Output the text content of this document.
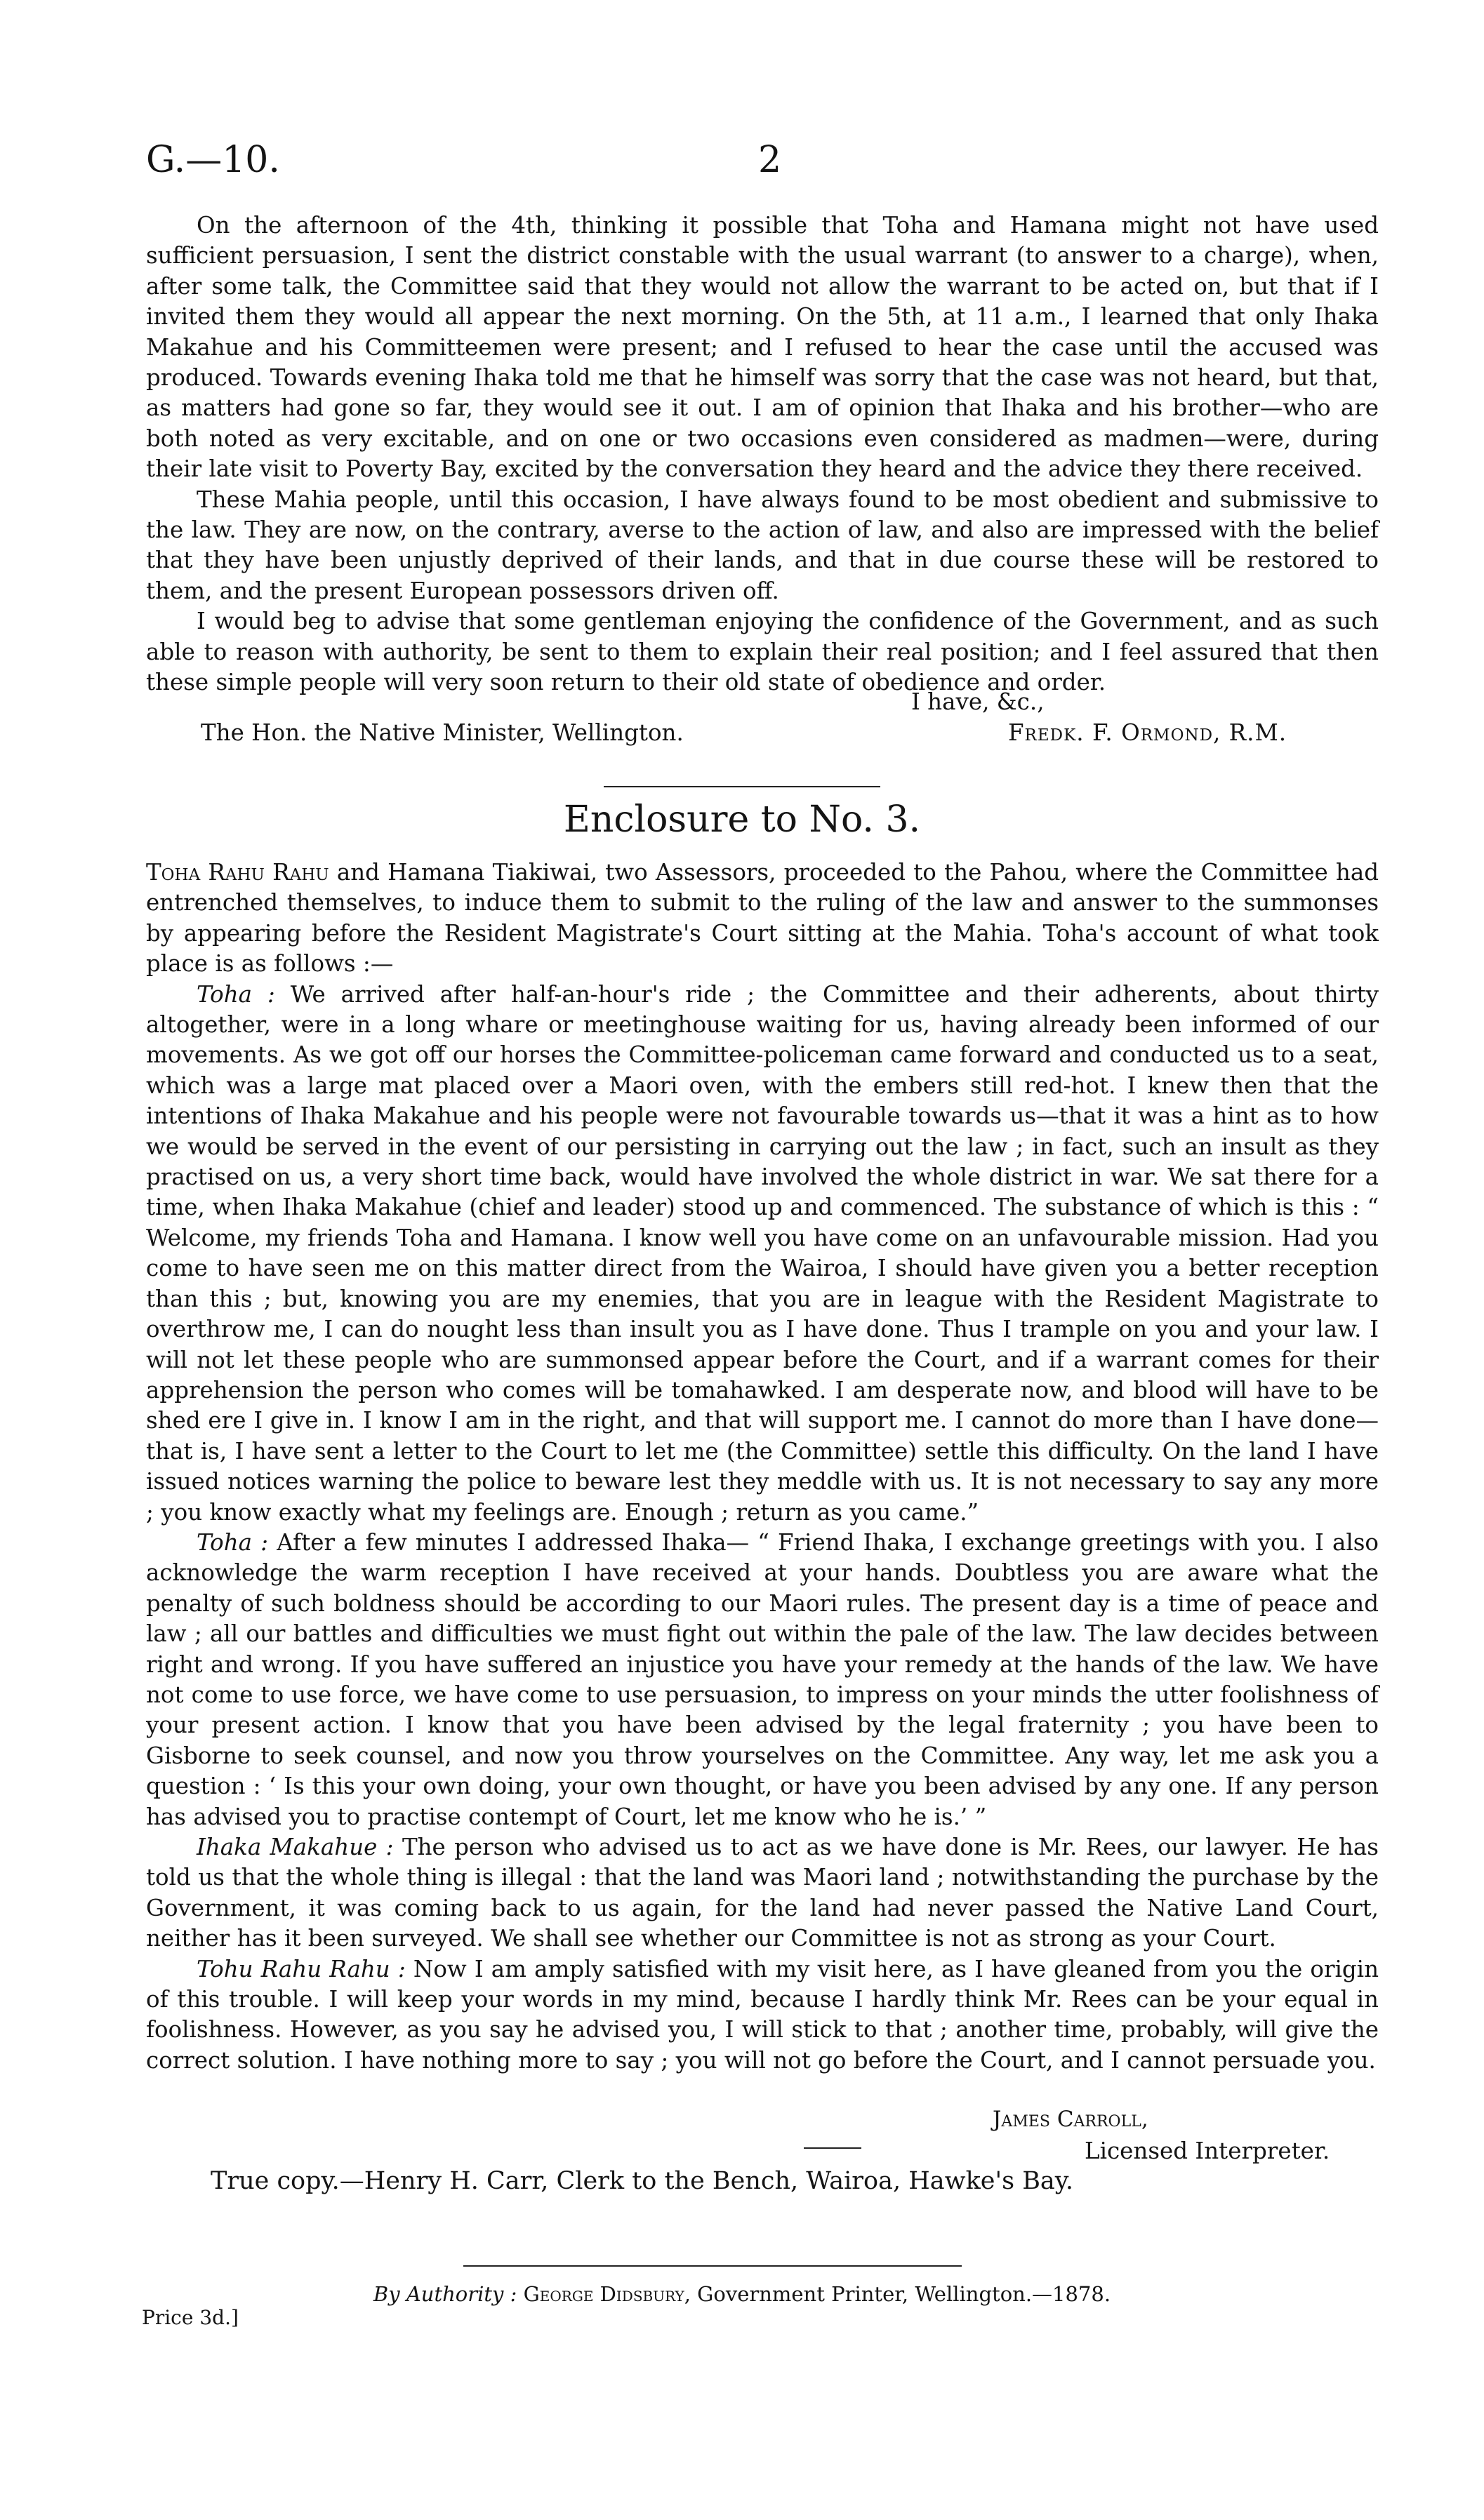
G.—10.	2

On the afternoon of the 4th, thinking it possible that Toha and Hamana might not have used sufficient persuasion, I sent the district constable with the usual warrant (to answer to a charge), when, after some talk, the Committee said that they would not allow the warrant to be acted on, but that if I invited them they would all appear the next morning. On the 5th, at 11 a.m., I learned that only Ihaka Makahue and his Committeemen were present; and I refused to hear the case until the accused was produced. Towards evening Ihaka told me that he himself was sorry that the case was not heard, but that, as matters had gone so far, they would see it out. I am of opinion that Ihaka and his brother—who are both noted as very excitable, and on one or two occasions even considered as madmen—were, during their late visit to Poverty Bay, excited by the conversation they heard and the advice they there received.

These Mahia people, until this occasion, I have always found to be most obedient and submissive to the law. They are now, on the contrary, averse to the action of law, and also are impressed with the belief that they have been unjustly deprived of their lands, and that in due course these will be restored to them, and the present European possessors driven off.

I would beg to advise that some gentleman enjoying the confidence of the Government, and as such able to reason with authority, be sent to them to explain their real position; and I feel assured that then these simple people will very soon return to their old state of obedience and order.

I have, &c.,
The Hon. the Native Minister, Wellington.	Fredk. F. Ormond, R.M.
Enclosure to No. 3.

Toha Rahu Rahu and Hamana Tiakiwai, two Assessors, proceeded to the Pahou, where the Committee had entrenched themselves, to induce them to submit to the ruling of the law and answer to the summonses by appearing before the Resident Magistrate's Court sitting at the Mahia. Toha's account of what took place is as follows :—

Toha : We arrived after half-an-hour's ride ; the Committee and their adherents, about thirty altogether, were in a long whare or meetinghouse waiting for us, having already been informed of our movements. As we got off our horses the Committee-policeman came forward and conducted us to a seat, which was a large mat placed over a Maori oven, with the embers still red-hot. I knew then that the intentions of Ihaka Makahue and his people were not favourable towards us—that it was a hint as to how we would be served in the event of our persisting in carrying out the law ; in fact, such an insult as they practised on us, a very short time back, would have involved the whole district in war. We sat there for a time, when Ihaka Makahue (chief and leader) stood up and commenced. The substance of which is this : “ Welcome, my friends Toha and Hamana. I know well you have come on an unfavourable mission. Had you come to have seen me on this matter direct from the Wairoa, I should have given you a better reception than this ; but, knowing you are my enemies, that you are in league with the Resident Magistrate to overthrow me, I can do nought less than insult you as I have done. Thus I trample on you and your law. I will not let these people who are summonsed appear before the Court, and if a warrant comes for their apprehension the person who comes will be tomahawked. I am desperate now, and blood will have to be shed ere I give in. I know I am in the right, and that will support me. I cannot do more than I have done—that is, I have sent a letter to the Court to let me (the Committee) settle this difficulty. On the land I have issued notices warning the police to beware lest they meddle with us. It is not necessary to say any more ; you know exactly what my feelings are. Enough ; return as you came.”

Toha : After a few minutes I addressed Ihaka— “ Friend Ihaka, I exchange greetings with you. I also acknowledge the warm reception I have received at your hands. Doubtless you are aware what the penalty of such boldness should be according to our Maori rules. The present day is a time of peace and law ; all our battles and difficulties we must fight out within the pale of the law. The law decides between right and wrong. If you have suffered an injustice you have your remedy at the hands of the law. We have not come to use force, we have come to use persuasion, to impress on your minds the utter foolishness of your present action. I know that you have been advised by the legal fraternity ; you have been to Gisborne to seek counsel, and now you throw yourselves on the Committee. Any way, let me ask you a question : ‘ Is this your own doing, your own thought, or have you been advised by any one. If any person has advised you to practise contempt of Court, let me know who he is.’ ”

Ihaka Makahue : The person who advised us to act as we have done is Mr. Rees, our lawyer. He has told us that the whole thing is illegal : that the land was Maori land ; notwithstanding the purchase by the Government, it was coming back to us again, for the land had never passed the Native Land Court, neither has it been surveyed. We shall see whether our Committee is not as strong as your Court.

Tohu Rahu Rahu : Now I am amply satisfied with my visit here, as I have gleaned from you the origin of this trouble. I will keep your words in my mind, because I hardly think Mr. Rees can be your equal in foolishness. However, as you say he advised you, I will stick to that ; another time, probably, will give the correct solution. I have nothing more to say ; you will not go before the Court, and I cannot persuade you.

James Carroll,
Licensed Interpreter.
True copy.—Henry H. Carr, Clerk to the Bench, Wairoa, Hawke's Bay.
By Authority : George Didsbury, Government Printer, Wellington.—1878.
Price 3d.]
